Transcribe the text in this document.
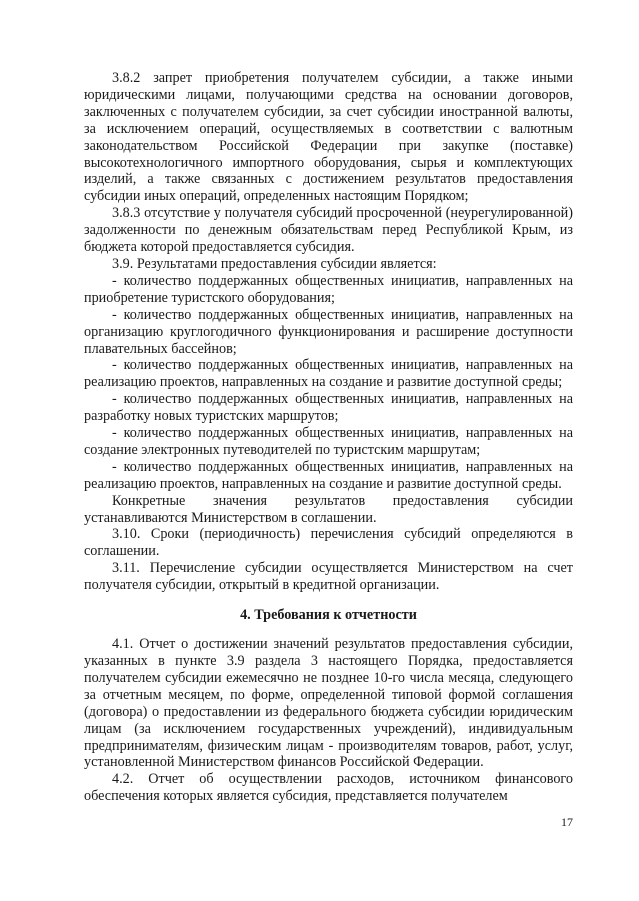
3.8.2 запрет приобретения получателем субсидии, а также иными юридическими лицами, получающими средства на основании договоров, заключенных с получателем субсидии, за счет субсидии иностранной валюты, за исключением операций, осуществляемых в соответствии с валютным законодательством Российской Федерации при закупке (поставке) высокотехнологичного импортного оборудования, сырья и комплектующих изделий, а также связанных с достижением результатов предоставления субсидии иных операций, определенных настоящим Порядком;

3.8.3 отсутствие у получателя субсидий просроченной (неурегулированной) задолженности по денежным обязательствам перед Республикой Крым, из бюджета которой предоставляется субсидия.

3.9. Результатами предоставления субсидии является:

- количество поддержанных общественных инициатив, направленных на приобретение туристского оборудования;

- количество поддержанных общественных инициатив, направленных на организацию круглогодичного функционирования и расширение доступности плавательных бассейнов;

- количество поддержанных общественных инициатив, направленных на реализацию проектов, направленных на создание и развитие доступной среды;

- количество поддержанных общественных инициатив, направленных на разработку новых туристских маршрутов;

- количество поддержанных общественных инициатив, направленных на создание электронных путеводителей по туристским маршрутам;

- количество поддержанных общественных инициатив, направленных на реализацию проектов, направленных на создание и развитие доступной среды.

Конкретные значения результатов предоставления субсидии устанавливаются Министерством в соглашении.

3.10. Сроки (периодичность) перечисления субсидий определяются в соглашении.

3.11. Перечисление субсидии осуществляется Министерством на счет получателя субсидии, открытый в кредитной организации.

4. Требования к отчетности

4.1. Отчет о достижении значений результатов предоставления субсидии, указанных в пункте 3.9 раздела 3 настоящего Порядка, предоставляется получателем субсидии ежемесячно не позднее 10-го числа месяца, следующего за отчетным месяцем, по форме, определенной типовой формой соглашения (договора) о предоставлении из федерального бюджета субсидии юридическим лицам (за исключением государственных учреждений), индивидуальным предпринимателям, физическим лицам - производителям товаров, работ, услуг, установленной Министерством финансов Российской Федерации.

4.2. Отчет об осуществлении расходов, источником финансового обеспечения которых является субсидия, представляется получателем

17
